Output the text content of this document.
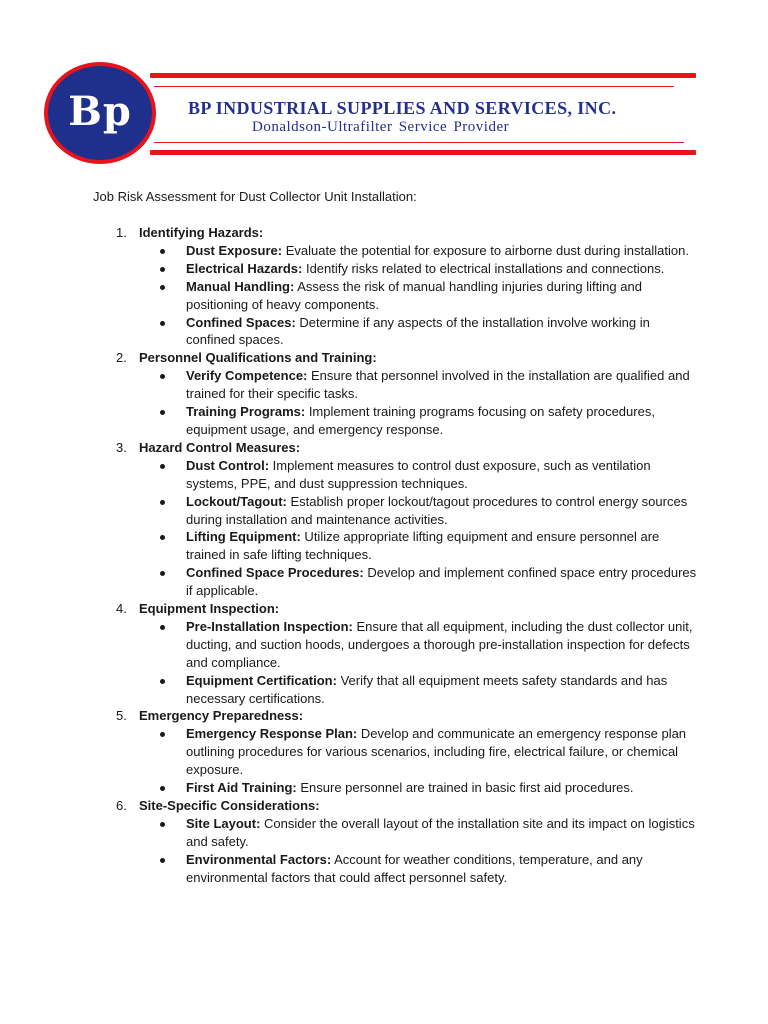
Bp	BP INDUSTRIAL SUPPLIES AND SERVICES, INC.
Donaldson-Ultrafilter Service Provider
Job Risk Assessment for Dust Collector Unit Installation:
1. Identifying Hazards:
Dust Exposure: Evaluate the potential for exposure to airborne dust during installation.
Electrical Hazards: Identify risks related to electrical installations and connections.
Manual Handling: Assess the risk of manual handling injuries during lifting and positioning of heavy components.
Confined Spaces: Determine if any aspects of the installation involve working in confined spaces.
2. Personnel Qualifications and Training:
Verify Competence: Ensure that personnel involved in the installation are qualified and trained for their specific tasks.
Training Programs: Implement training programs focusing on safety procedures, equipment usage, and emergency response.
3. Hazard Control Measures:
Dust Control: Implement measures to control dust exposure, such as ventilation systems, PPE, and dust suppression techniques.
Lockout/Tagout: Establish proper lockout/tagout procedures to control energy sources during installation and maintenance activities.
Lifting Equipment: Utilize appropriate lifting equipment and ensure personnel are trained in safe lifting techniques.
Confined Space Procedures: Develop and implement confined space entry procedures if applicable.
4. Equipment Inspection:
Pre-Installation Inspection: Ensure that all equipment, including the dust collector unit, ducting, and suction hoods, undergoes a thorough pre-installation inspection for defects and compliance.
Equipment Certification: Verify that all equipment meets safety standards and has necessary certifications.
5. Emergency Preparedness:
Emergency Response Plan: Develop and communicate an emergency response plan outlining procedures for various scenarios, including fire, electrical failure, or chemical exposure.
First Aid Training: Ensure personnel are trained in basic first aid procedures.
6. Site-Specific Considerations:
Site Layout: Consider the overall layout of the installation site and its impact on logistics and safety.
Environmental Factors: Account for weather conditions, temperature, and any environmental factors that could affect personnel safety.
